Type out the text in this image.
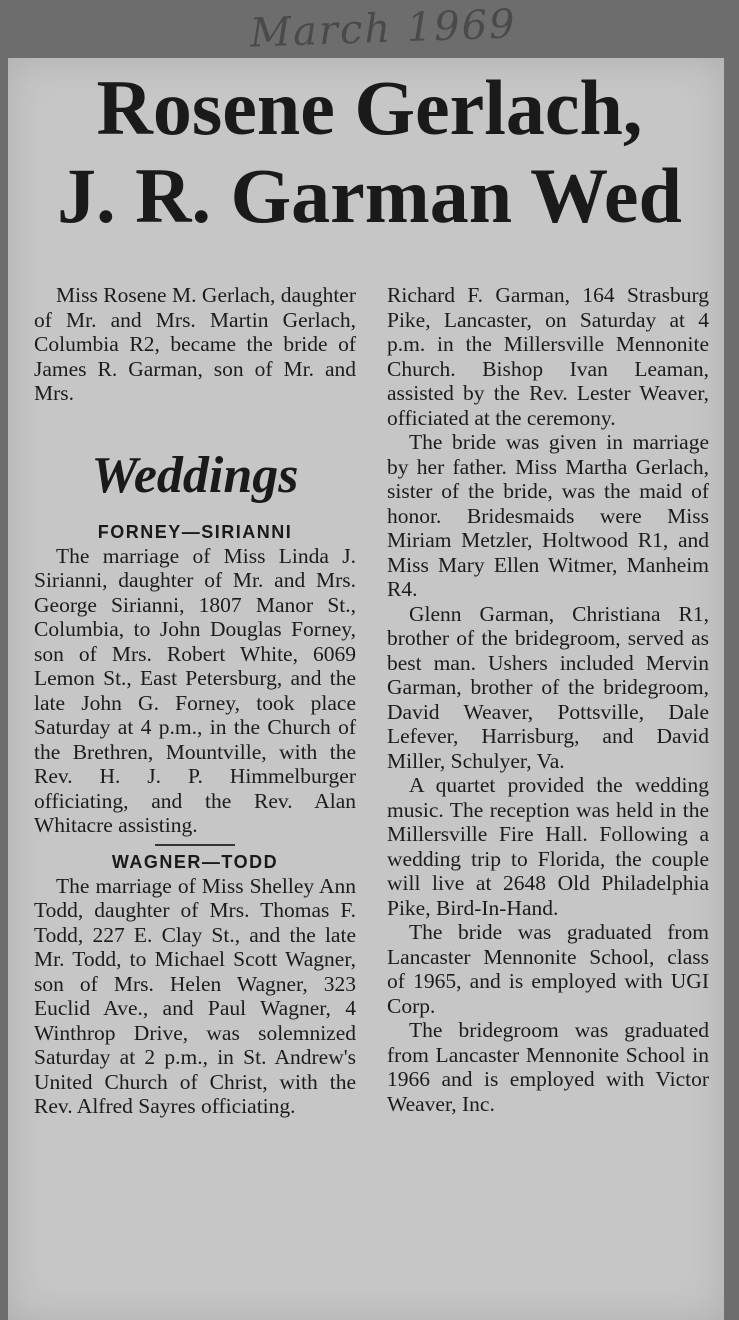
March 1969
Rosene Gerlach,
J. R. Garman Wed

Miss Rosene M. Gerlach, daughter of Mr. and Mrs. Martin Gerlach, Columbia R2, became the bride of James R. Garman, son of Mr. and Mrs.

Weddings
FORNEY—SIRIANNI

The marriage of Miss Linda J. Sirianni, daughter of Mr. and Mrs. George Sirianni, 1807 Manor St., Columbia, to John Douglas Forney, son of Mrs. Robert White, 6069 Lemon St., East Petersburg, and the late John G. Forney, took place Saturday at 4 p.m., in the Church of the Brethren, Mountville, with the Rev. H. J. P. Himmelburger officiating, and the Rev. Alan Whitacre assisting.

WAGNER—TODD

The marriage of Miss Shelley Ann Todd, daughter of Mrs. Thomas F. Todd, 227 E. Clay St., and the late Mr. Todd, to Michael Scott Wagner, son of Mrs. Helen Wagner, 323 Euclid Ave., and Paul Wagner, 4 Winthrop Drive, was solemnized Saturday at 2 p.m., in St. Andrew's United Church of Christ, with the Rev. Alfred Sayres officiating.

Richard F. Garman, 164 Strasburg Pike, Lancaster, on Saturday at 4 p.m. in the Millersville Mennonite Church. Bishop Ivan Leaman, assisted by the Rev. Lester Weaver, officiated at the ceremony.

The bride was given in marriage by her father. Miss Martha Gerlach, sister of the bride, was the maid of honor. Bridesmaids were Miss Miriam Metzler, Holtwood R1, and Miss Mary Ellen Witmer, Manheim R4.

Glenn Garman, Christiana R1, brother of the bridegroom, served as best man. Ushers included Mervin Garman, brother of the bridegroom, David Weaver, Pottsville, Dale Lefever, Harrisburg, and David Miller, Schulyer, Va.

A quartet provided the wedding music. The reception was held in the Millersville Fire Hall. Following a wedding trip to Florida, the couple will live at 2648 Old Philadelphia Pike, Bird-In-Hand.

The bride was graduated from Lancaster Mennonite School, class of 1965, and is employed with UGI Corp.

The bridegroom was graduated from Lancaster Mennonite School in 1966 and is employed with Victor Weaver, Inc.
